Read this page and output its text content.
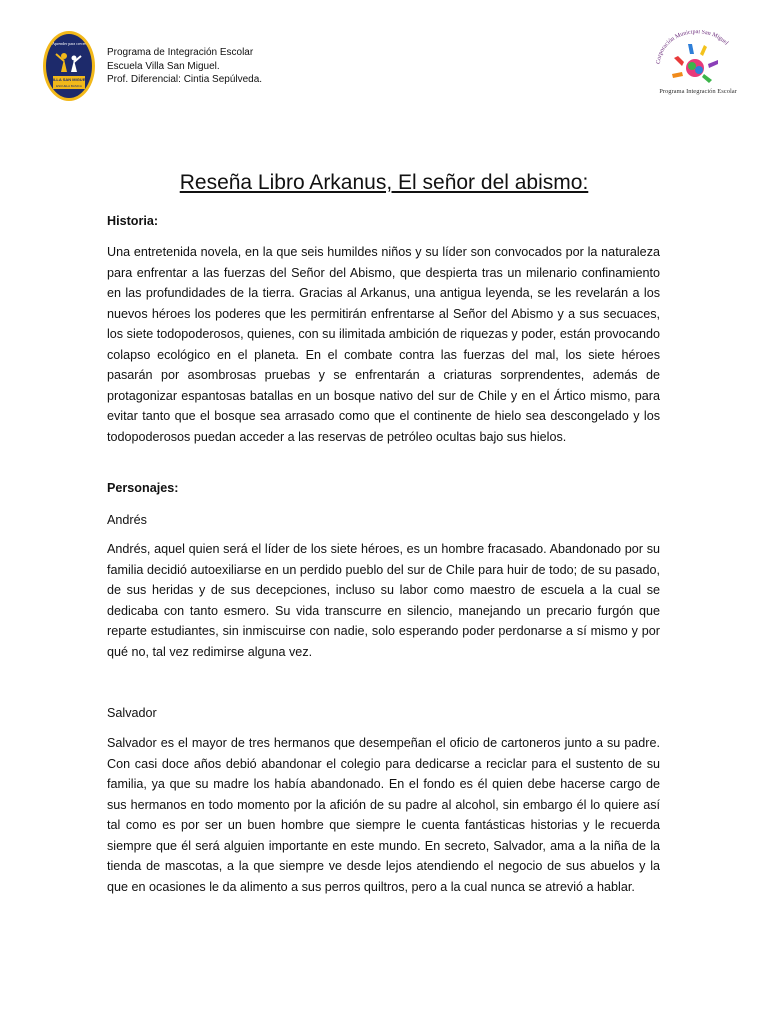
Aprender para crecer
VILLA SAN MIGUEL
ESCUELA BASICA
Programa de Integración Escolar
Escuela Villa San Miguel.
Prof. Diferencial: Cintia Sepúlveda.
Corporación Municipal San Miguel
Programa Integración Escolar
Reseña Libro Arkanus, El señor del abismo:
Historia:

Una entretenida novela, en la que seis humildes niños y su líder son convocados por la naturaleza para enfrentar a las fuerzas del Señor del Abismo, que despierta tras un milenario confinamiento en las profundidades de la tierra. Gracias al Arkanus, una antigua leyenda, se les revelarán a los nuevos héroes los poderes que les permitirán enfrentarse al Señor del Abismo y a sus secuaces, los siete todopoderosos, quienes, con su ilimitada ambición de riquezas y poder, están provocando colapso ecológico en el planeta. En el combate contra las fuerzas del mal, los siete héroes pasarán por asombrosas pruebas y se enfrentarán a criaturas sorprendentes, además de protagonizar espantosas batallas en un bosque nativo del sur de Chile y en el Ártico mismo, para evitar tanto que el bosque sea arrasado como que el continente de hielo sea descongelado y los todopoderosos puedan acceder a las reservas de petróleo ocultas bajo sus hielos.

Personajes:
Andrés

Andrés, aquel quien será el líder de los siete héroes, es un hombre fracasado. Abandonado por su familia decidió autoexiliarse en un perdido pueblo del sur de Chile para huir de todo; de su pasado, de sus heridas y de sus decepciones, incluso su labor como maestro de escuela a la cual se dedicaba con tanto esmero. Su vida transcurre en silencio, manejando un precario furgón que reparte estudiantes, sin inmiscuirse con nadie, solo esperando poder perdonarse a sí mismo y por qué no, tal vez redimirse alguna vez.

Salvador

Salvador es el mayor de tres hermanos que desempeñan el oficio de cartoneros junto a su padre. Con casi doce años debió abandonar el colegio para dedicarse a reciclar para el sustento de su familia, ya que su madre los había abandonado. En el fondo es él quien debe hacerse cargo de sus hermanos en todo momento por la afición de su padre al alcohol, sin embargo él lo quiere así tal como es por ser un buen hombre que siempre le cuenta fantásticas historias y le recuerda siempre que él será alguien importante en este mundo. En secreto, Salvador, ama a la niña de la tienda de mascotas, a la que siempre ve desde lejos atendiendo el negocio de sus abuelos y la que en ocasiones le da alimento a sus perros quiltros, pero a la cual nunca se atrevió a hablar.
